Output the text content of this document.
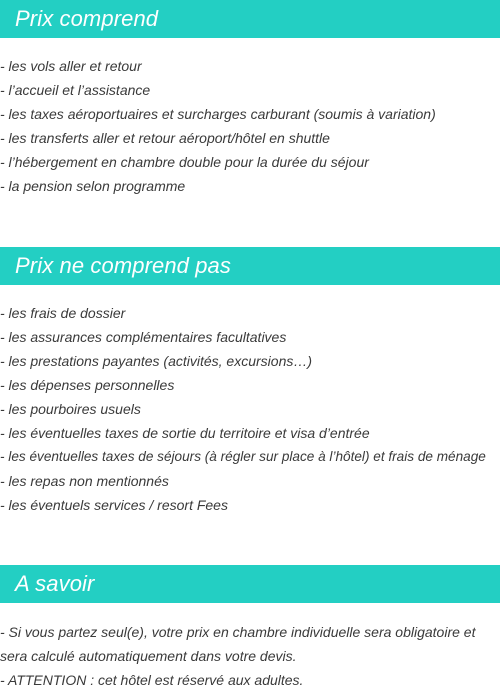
Prix comprend
- les vols aller et retour
- l’accueil et l’assistance
- les taxes aéroportuaires et surcharges carburant (soumis à variation)
- les transferts aller et retour aéroport/hôtel en shuttle
- l’hébergement en chambre double pour la durée du séjour
- la pension selon programme
Prix ne comprend pas
- les frais de dossier
- les assurances complémentaires facultatives
- les prestations payantes (activités, excursions…)
- les dépenses personnelles
- les pourboires usuels
- les éventuelles taxes de sortie du territoire et visa d’entrée
- les éventuelles taxes de séjours (à régler sur place à l’hôtel) et frais de ménage
- les repas non mentionnés
- les éventuels services / resort Fees
A savoir

- Si vous partez seul(e), votre prix en chambre individuelle sera obligatoire et sera calculé automatiquement dans votre devis.

- ATTENTION : cet hôtel est réservé aux adultes.
